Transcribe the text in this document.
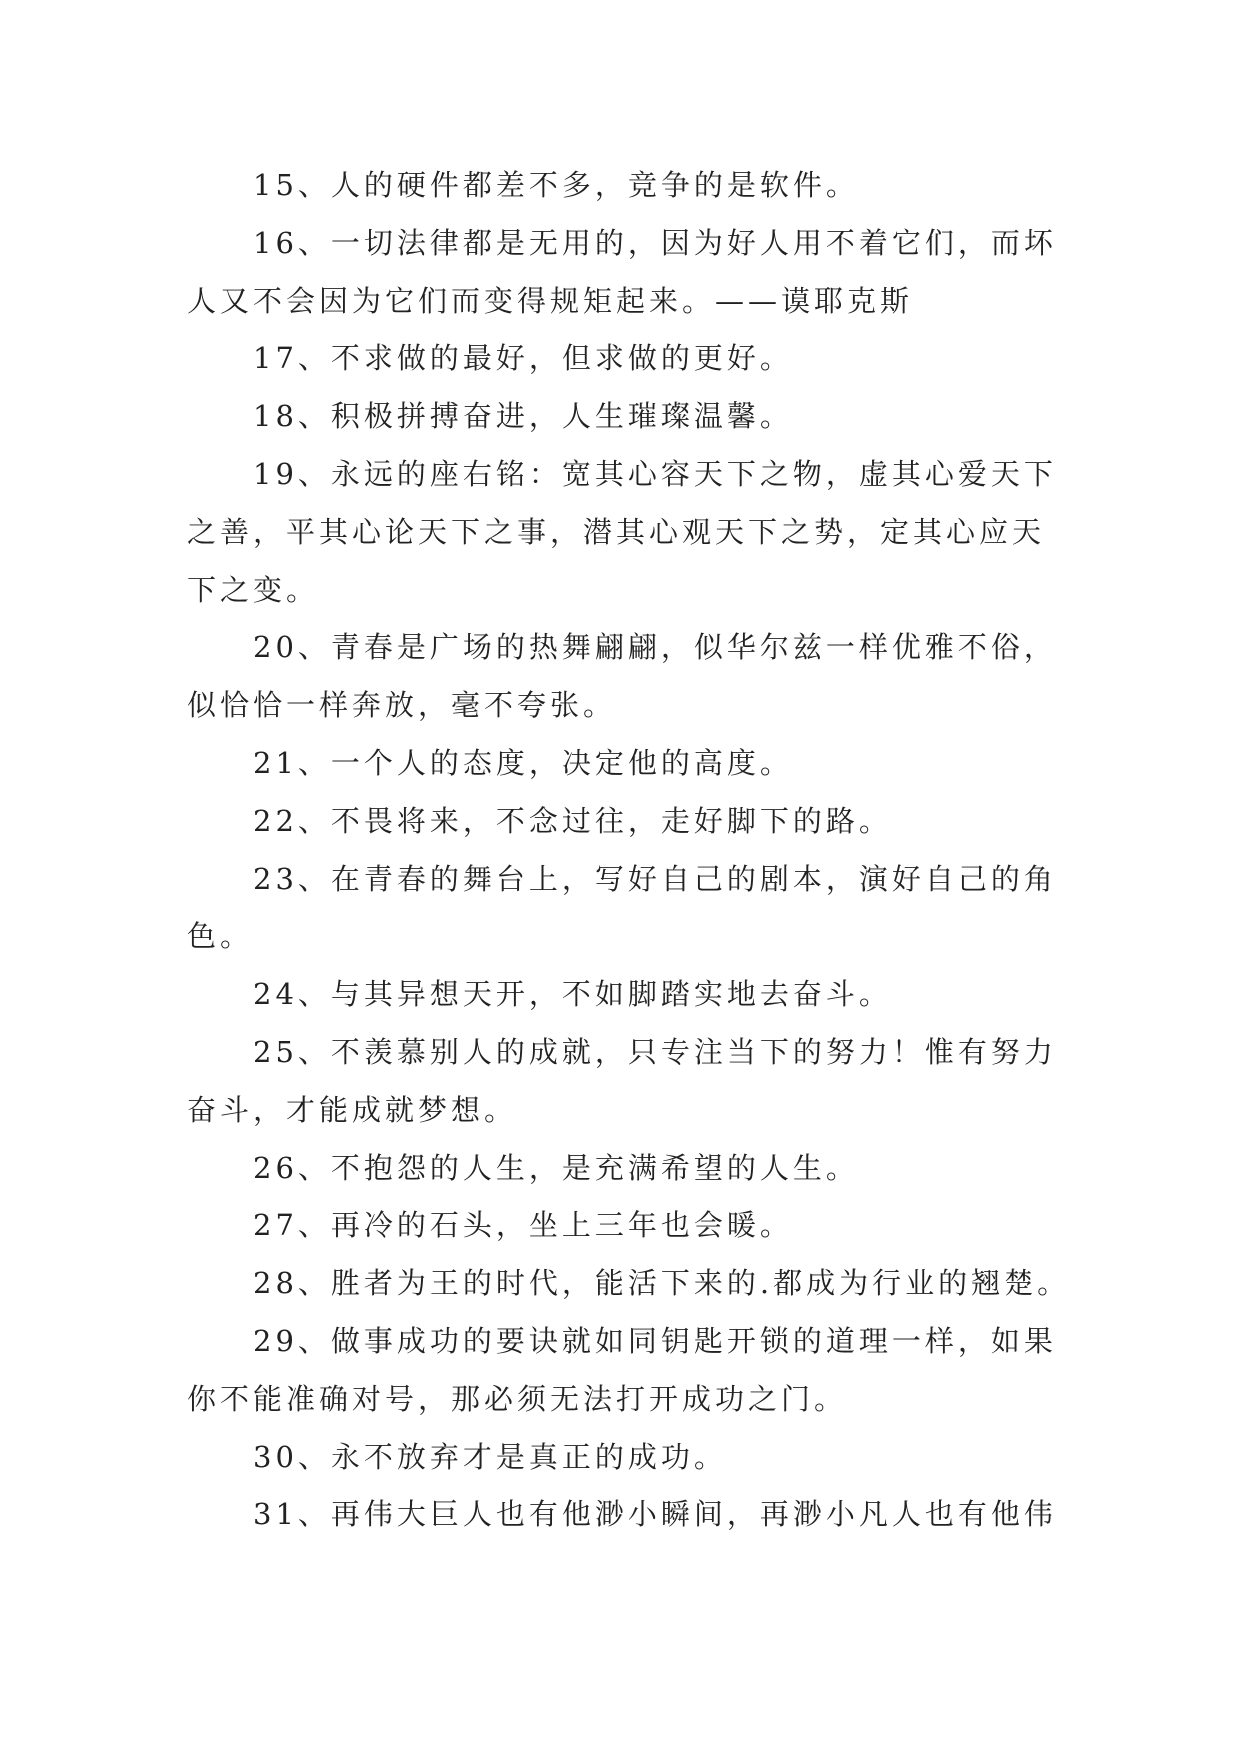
15、人的硬件都差不多，竞争的是软件。
16、一切法律都是无用的，因为好人用不着它们，而坏
人又不会因为它们而变得规矩起来。——谟耶克斯
17、不求做的最好，但求做的更好。
18、积极拼搏奋进，人生璀璨温馨。
19、永远的座右铭：宽其心容天下之物，虚其心爱天下
之善，平其心论天下之事，潜其心观天下之势，定其心应天
下之变。
20、青春是广场的热舞翩翩，似华尔兹一样优雅不俗，
似恰恰一样奔放，毫不夸张。
21、一个人的态度，决定他的高度。
22、不畏将来，不念过往，走好脚下的路。
23、在青春的舞台上，写好自己的剧本，演好自己的角
色。
24、与其异想天开，不如脚踏实地去奋斗。
25、不羡慕别人的成就，只专注当下的努力！惟有努力
奋斗，才能成就梦想。
26、不抱怨的人生，是充满希望的人生。
27、再冷的石头，坐上三年也会暖。
28、胜者为王的时代，能活下来的.都成为行业的翘楚。
29、做事成功的要诀就如同钥匙开锁的道理一样，如果
你不能准确对号，那必须无法打开成功之门。
30、永不放弃才是真正的成功。
31、再伟大巨人也有他渺小瞬间，再渺小凡人也有他伟
